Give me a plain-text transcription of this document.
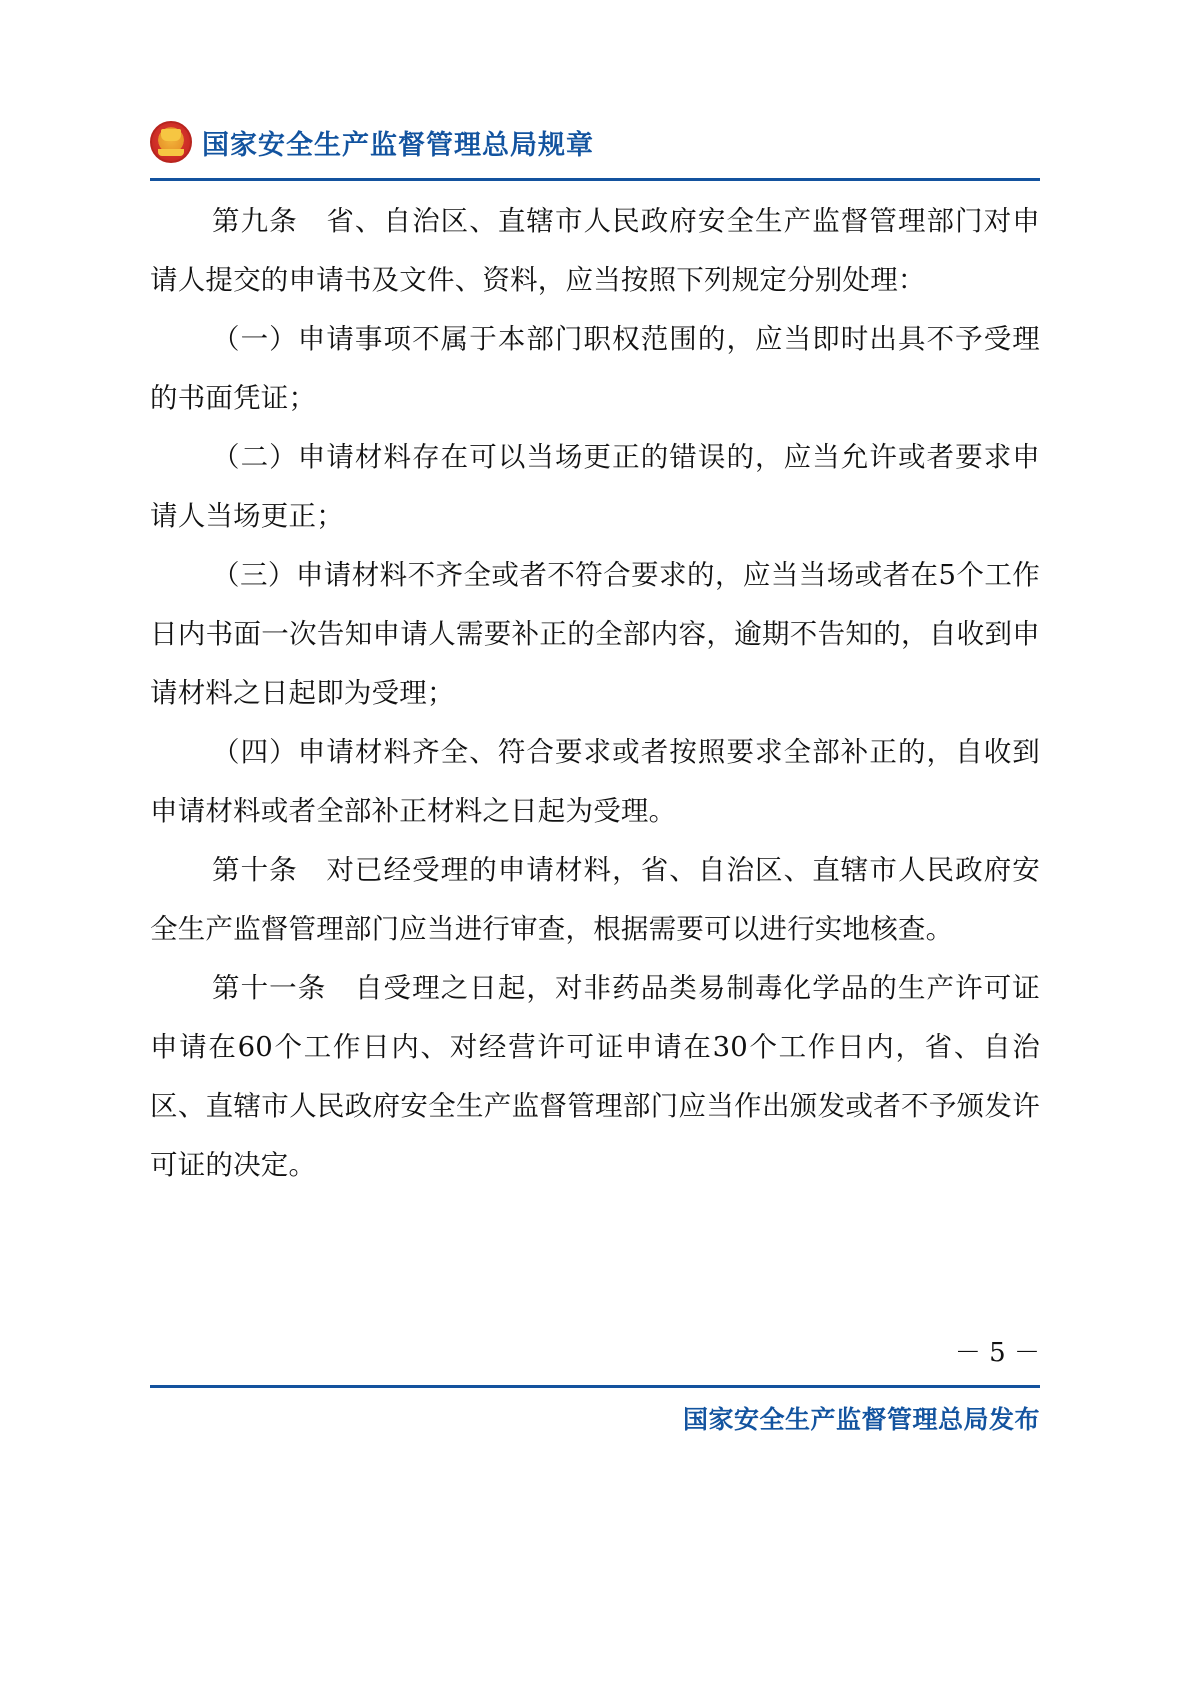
国家安全生产监督管理总局规章

第九条　省、自治区、直辖市人民政府安全生产监督管理部门对申请人提交的申请书及文件、资料，应当按照下列规定分别处理：

（一）申请事项不属于本部门职权范围的，应当即时出具不予受理的书面凭证；

（二）申请材料存在可以当场更正的错误的，应当允许或者要求申请人当场更正；

（三）申请材料不齐全或者不符合要求的，应当当场或者在5个工作日内书面一次告知申请人需要补正的全部内容，逾期不告知的，自收到申请材料之日起即为受理；

（四）申请材料齐全、符合要求或者按照要求全部补正的，自收到申请材料或者全部补正材料之日起为受理。

第十条　对已经受理的申请材料，省、自治区、直辖市人民政府安全生产监督管理部门应当进行审查，根据需要可以进行实地核查。

第十一条　自受理之日起，对非药品类易制毒化学品的生产许可证申请在60个工作日内、对经营许可证申请在30个工作日内，省、自治区、直辖市人民政府安全生产监督管理部门应当作出颁发或者不予颁发许可证的决定。

－ 5 －
国家安全生产监督管理总局发布
